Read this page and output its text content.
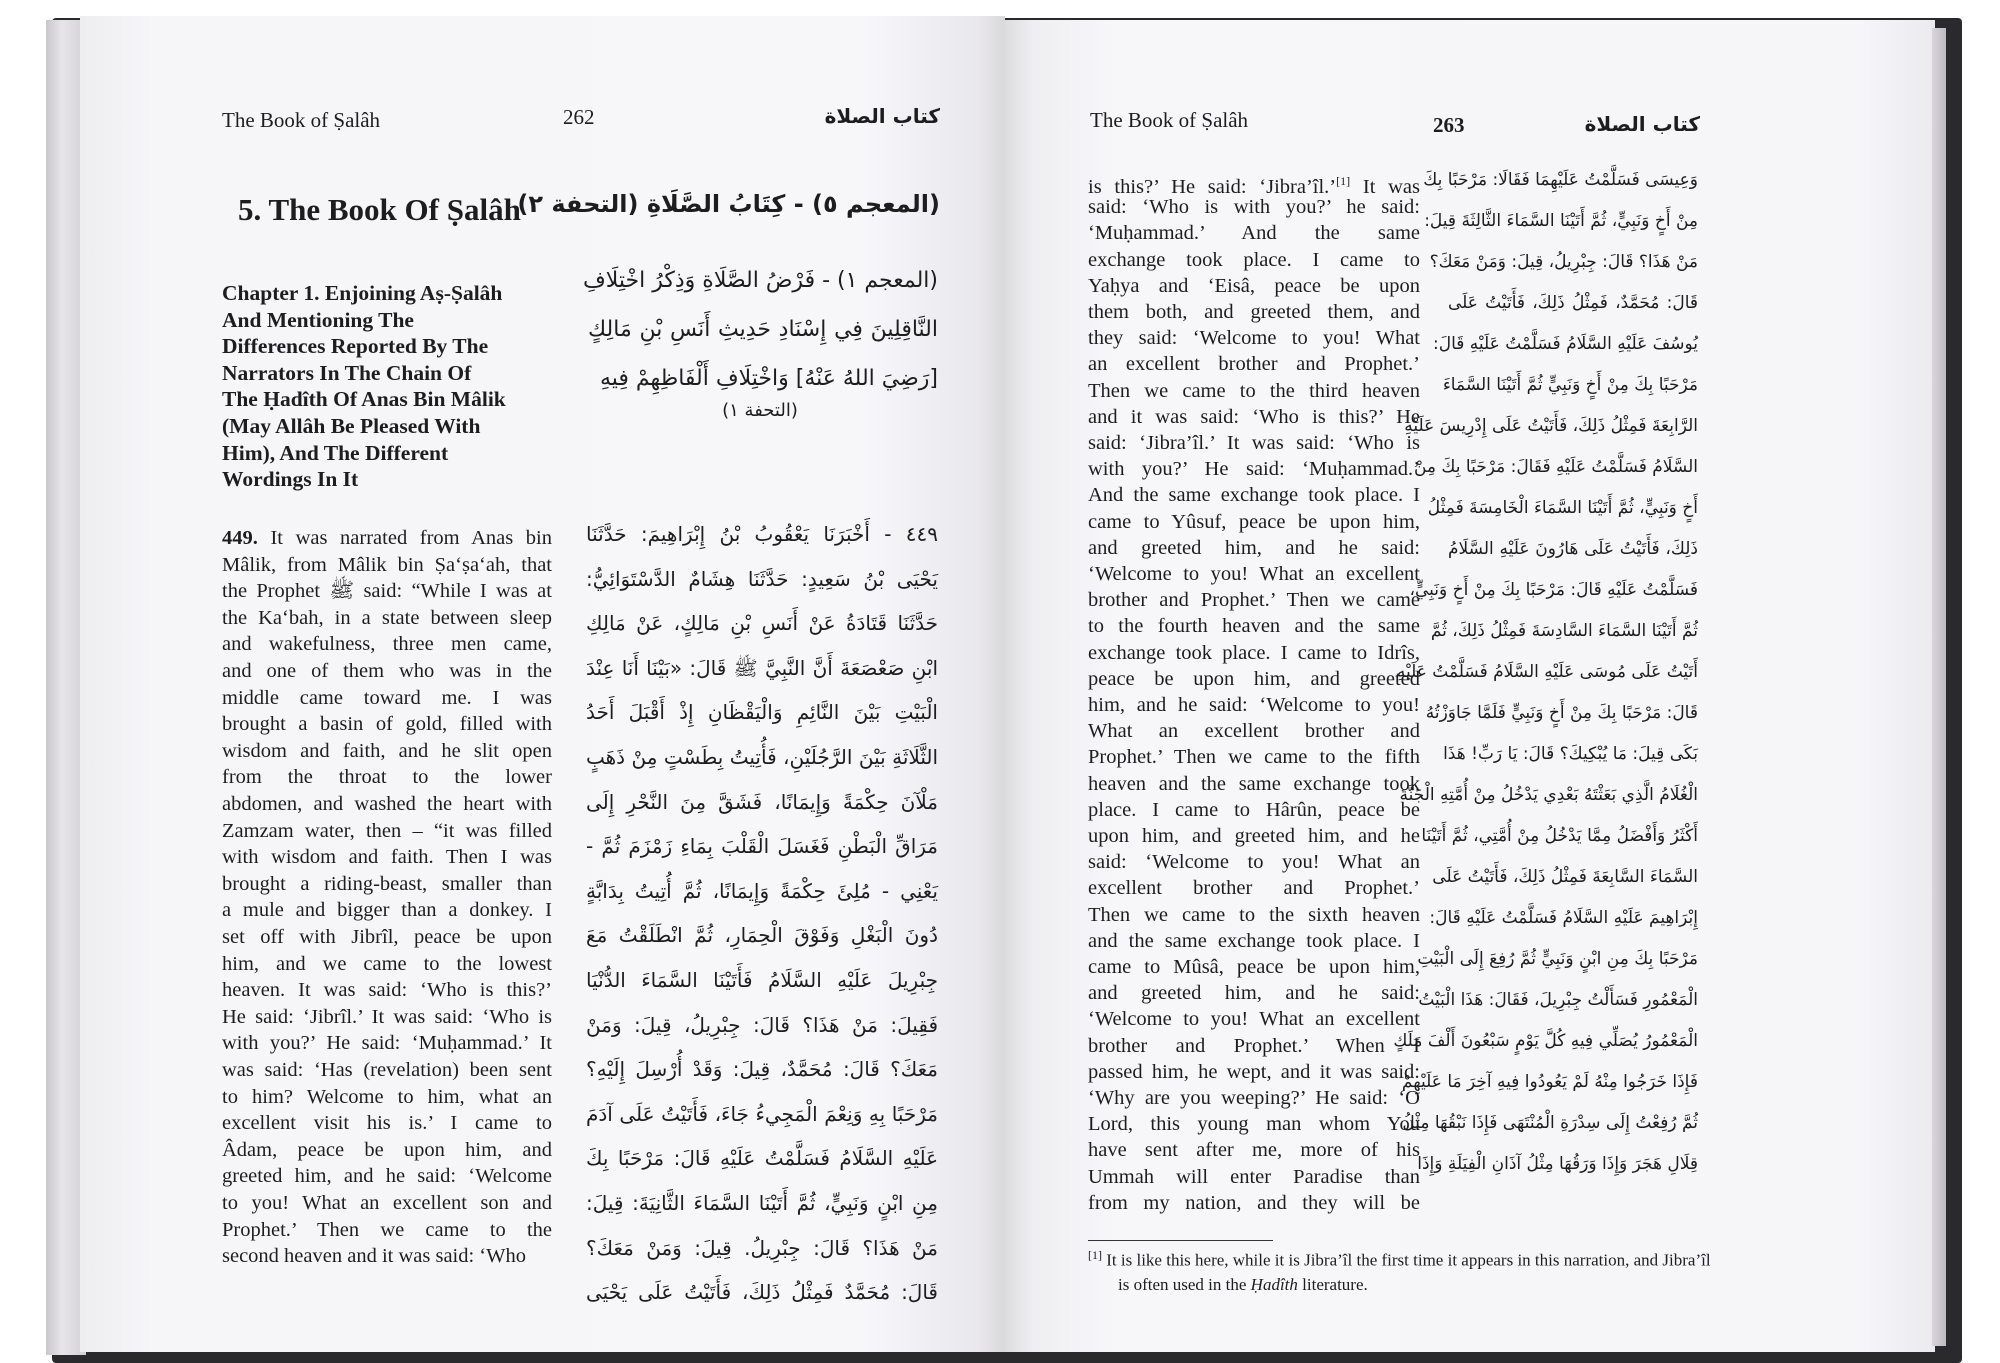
The Book of Ṣalâh	262	كتاب الصلاة
5. The Book Of Ṣalâh
(المعجم ٥) - كِتَابُ الصَّلَاةِ (التحفة ٢)
Chapter 1. Enjoining Aṣ-Ṣalâh
And Mentioning The
Differences Reported By The
Narrators In The Chain Of
The Ḥadîth Of Anas Bin Mâlik
(May Allâh Be Pleased With
Him), And The Different
Wordings In It
(المعجم ١) - فَرْضُ الصَّلَاةِ وَذِكْرُ اخْتِلَافِ
النَّاقِلِينَ فِي إِسْنَادِ حَدِيثِ أَنَسِ بْنِ مَالِكٍ
[رَضِيَ اللهُ عَنْهُ] وَاخْتِلَافِ أَلْفَاظِهِمْ فِيهِ
(التحفة ١)
449. It was narrated from Anas bin
Mâlik, from Mâlik bin Ṣa‘ṣa‘ah, that
the Prophet ﷺ said: “While I was at
the Ka‘bah, in a state between sleep
and wakefulness, three men came,
and one of them who was in the
middle came toward me. I was
brought a basin of gold, filled with
wisdom and faith, and he slit open
from the throat to the lower
abdomen, and washed the heart with
Zamzam water, then – “it was filled
with wisdom and faith. Then I was
brought a riding-beast, smaller than
a mule and bigger than a donkey. I
set off with Jibrîl, peace be upon
him, and we came to the lowest
heaven. It was said: ‘Who is this?’
He said: ‘Jibrîl.’ It was said: ‘Who is
with you?’ He said: ‘Muḥammad.’ It
was said: ‘Has (revelation) been sent
to him? Welcome to him, what an
excellent visit his is.’ I came to
Âdam, peace be upon him, and
greeted him, and he said: ‘Welcome
to you! What an excellent son and
Prophet.’ Then we came to the
second heaven and it was said: ‘Who
٤٤٩ - أَخْبَرَنَا يَعْقُوبُ بْنُ إِبْرَاهِيمَ: حَدَّثَنَا
يَحْيَى بْنُ سَعِيدٍ: حَدَّثَنَا هِشَامٌ الدَّسْتَوَائِيُّ:
حَدَّثَنَا قَتَادَةُ عَنْ أَنَسِ بْنِ مَالِكٍ، عَنْ مَالِكِ
ابْنِ صَعْصَعَةَ أَنَّ النَّبِيَّ ﷺ قَالَ: «بَيْنَا أَنَا عِنْدَ
الْبَيْتِ بَيْنَ النَّائِمِ وَالْيَقْظَانِ إِذْ أَقْبَلَ أَحَدُ
الثَّلَاثَةِ بَيْنَ الرَّجُلَيْنِ، فَأُتِيتُ بِطَسْتٍ مِنْ ذَهَبٍ
مَلْآنَ حِكْمَةً وَإِيمَانًا، فَشَقَّ مِنَ النَّحْرِ إِلَى
مَرَاقِّ الْبَطْنِ فَغَسَلَ الْقَلْبَ بِمَاءِ زَمْزَمَ ثُمَّ -
يَعْنِي - مُلِئَ حِكْمَةً وَإِيمَانًا، ثُمَّ أُتِيتُ بِدَابَّةٍ
دُونَ الْبَغْلِ وَفَوْقَ الْحِمَارِ، ثُمَّ انْطَلَقْتُ مَعَ
جِبْرِيلَ عَلَيْهِ السَّلَامُ فَأَتَيْنَا السَّمَاءَ الدُّنْيَا
فَقِيلَ: مَنْ هَذَا؟ قَالَ: جِبْرِيلُ، قِيلَ: وَمَنْ
مَعَكَ؟ قَالَ: مُحَمَّدٌ، قِيلَ: وَقَدْ أُرْسِلَ إِلَيْهِ؟
مَرْحَبًا بِهِ وَنِعْمَ الْمَجِيءُ جَاءَ، فَأَتَيْتُ عَلَى آدَمَ
عَلَيْهِ السَّلَامُ فَسَلَّمْتُ عَلَيْهِ قَالَ: مَرْحَبًا بِكَ
مِنِ ابْنٍ وَنَبِيٍّ، ثُمَّ أَتَيْنَا السَّمَاءَ الثَّانِيَةَ: قِيلَ:
مَنْ هَذَا؟ قَالَ: جِبْرِيلُ. قِيلَ: وَمَنْ مَعَكَ؟
قَالَ: مُحَمَّدٌ فَمِثْلُ ذَلِكَ، فَأَتَيْتُ عَلَى يَحْيَى
The Book of Ṣalâh	263	كتاب الصلاة
is this?’ He said: ‘Jibra’îl.’[1] It was
said: ‘Who is with you?’ he said:
‘Muḥammad.’ And the same
exchange took place. I came to
Yaḥya and ‘Eisâ, peace be upon
them both, and greeted them, and
they said: ‘Welcome to you! What
an excellent brother and Prophet.’
Then we came to the third heaven
and it was said: ‘Who is this?’ He
said: ‘Jibra’îl.’ It was said: ‘Who is
with you?’ He said: ‘Muḥammad.’
And the same exchange took place. I
came to Yûsuf, peace be upon him,
and greeted him, and he said:
‘Welcome to you! What an excellent
brother and Prophet.’ Then we came
to the fourth heaven and the same
exchange took place. I came to Idrîs,
peace be upon him, and greeted
him, and he said: ‘Welcome to you!
What an excellent brother and
Prophet.’ Then we came to the fifth
heaven and the same exchange took
place. I came to Hârûn, peace be
upon him, and greeted him, and he
said: ‘Welcome to you! What an
excellent brother and Prophet.’
Then we came to the sixth heaven
and the same exchange took place. I
came to Mûsâ, peace be upon him,
and greeted him, and he said:
‘Welcome to you! What an excellent
brother and Prophet.’ When I
passed him, he wept, and it was said:
‘Why are you weeping?’ He said: ‘O
Lord, this young man whom You
have sent after me, more of his
Ummah will enter Paradise than
from my nation, and they will be
وَعِيسَى فَسَلَّمْتُ عَلَيْهِمَا فَقَالَا: مَرْحَبًا بِكَ
مِنْ أَخٍ وَنَبِيٍّ، ثُمَّ أَتَيْنَا السَّمَاءَ الثَّالِثَةَ قِيلَ:
مَنْ هَذَا؟ قَالَ: جِبْرِيلُ، قِيلَ: وَمَنْ مَعَكَ؟
قَالَ: مُحَمَّدٌ، فَمِثْلُ ذَلِكَ، فَأَتَيْتُ عَلَى
يُوسُفَ عَلَيْهِ السَّلَامُ فَسَلَّمْتُ عَلَيْهِ قَالَ:
مَرْحَبًا بِكَ مِنْ أَخٍ وَنَبِيٍّ ثُمَّ أَتَيْنَا السَّمَاءَ
الرَّابِعَةَ فَمِثْلُ ذَلِكَ، فَأَتَيْتُ عَلَى إِدْرِيسَ عَلَيْهِ
السَّلَامُ فَسَلَّمْتُ عَلَيْهِ فَقَالَ: مَرْحَبًا بِكَ مِنْ
أَخٍ وَنَبِيٍّ، ثُمَّ أَتَيْنَا السَّمَاءَ الْخَامِسَةَ فَمِثْلُ
ذَلِكَ، فَأَتَيْتُ عَلَى هَارُونَ عَلَيْهِ السَّلَامُ
فَسَلَّمْتُ عَلَيْهِ قَالَ: مَرْحَبًا بِكَ مِنْ أَخٍ وَنَبِيٍّ،
ثُمَّ أَتَيْنَا السَّمَاءَ السَّادِسَةَ فَمِثْلُ ذَلِكَ، ثُمَّ
أَتَيْتُ عَلَى مُوسَى عَلَيْهِ السَّلَامُ فَسَلَّمْتُ عَلَيْهِ
قَالَ: مَرْحَبًا بِكَ مِنْ أَخٍ وَنَبِيٍّ فَلَمَّا جَاوَزْتُهُ
بَكَى قِيلَ: مَا يُبْكِيكَ؟ قَالَ: يَا رَبِّ! هَذَا
الْغُلَامُ الَّذِي بَعَثْتَهُ بَعْدِي يَدْخُلُ مِنْ أُمَّتِهِ الْجَنَّةَ
أَكْثَرُ وَأَفْضَلُ مِمَّا يَدْخُلُ مِنْ أُمَّتِي، ثُمَّ أَتَيْنَا
السَّمَاءَ السَّابِعَةَ فَمِثْلُ ذَلِكَ، فَأَتَيْتُ عَلَى
إِبْرَاهِيمَ عَلَيْهِ السَّلَامُ فَسَلَّمْتُ عَلَيْهِ قَالَ:
مَرْحَبًا بِكَ مِنِ ابْنٍ وَنَبِيٍّ ثُمَّ رُفِعَ إِلَى الْبَيْتِ
الْمَعْمُورِ فَسَأَلْتُ جِبْرِيلَ، فَقَالَ: هَذَا الْبَيْتُ
الْمَعْمُورُ يُصَلِّي فِيهِ كُلَّ يَوْمٍ سَبْعُونَ أَلْفَ مَلَكٍ
فَإِذَا خَرَجُوا مِنْهُ لَمْ يَعُودُوا فِيهِ آخِرَ مَا عَلَيْهِمْ
ثُمَّ رُفِعْتُ إِلَى سِدْرَةِ الْمُنْتَهَى فَإِذَا نَبْقُهَا مِثْلُ
قِلَالِ هَجَرَ وَإِذَا وَرَقُهَا مِثْلُ آذَانِ الْفِيَلَةِ وَإِذَا
[1] It is like this here, while it is Jibra’îl the first time it appears in this narration, and Jibra’îl
is often used in the Ḥadîth literature.
